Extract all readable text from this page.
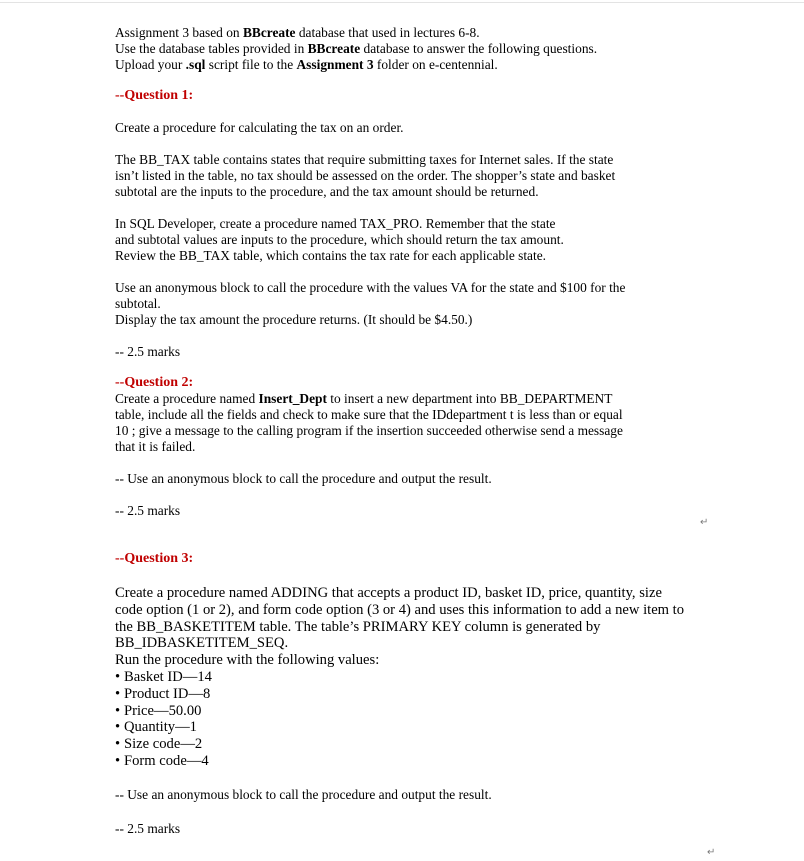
Assignment 3 based on BBcreate database that used in lectures 6-8.

Use the database tables provided in BBcreate database to answer the following questions.

Upload your .sql script file to the Assignment 3 folder on e-centennial.

--Question 1:

Create a procedure for calculating the tax on an order.

The BB_TAX table contains states that require submitting taxes for Internet sales. If the state

isn’t listed in the table, no tax should be assessed on the order. The shopper’s state and basket

subtotal are the inputs to the procedure, and the tax amount should be returned.

In SQL Developer, create a procedure named TAX_PRO. Remember that the state

and subtotal values are inputs to the procedure, which should return the tax amount.

Review the BB_TAX table, which contains the tax rate for each applicable state.

Use an anonymous block to call the procedure with the values VA for the state and $100 for the

subtotal.

Display the tax amount the procedure returns. (It should be $4.50.)

-- 2.5 marks

--Question 2:

Create a procedure named Insert_Dept to insert a new department into BB_DEPARTMENT

table, include all the fields and check to make sure that the IDdepartment t is less than or equal

10 ; give a message to the calling program if the insertion succeeded otherwise send a message

that it is failed.

-- Use an anonymous block to call the procedure and output the result.

-- 2.5 marks

--Question 3:

Create a procedure named ADDING that accepts a product ID, basket ID, price, quantity, size

code option (1 or 2), and form code option (3 or 4) and uses this information to add a new item to

the BB_BASKETITEM table. The table’s PRIMARY KEY column is generated by

BB_IDBASKETITEM_SEQ.

Run the procedure with the following values:

• Basket ID—14

• Product ID—8

• Price—50.00

• Quantity—1

• Size code—2

• Form code—4

-- Use an anonymous block to call the procedure and output the result.

-- 2.5 marks

↵
↵
